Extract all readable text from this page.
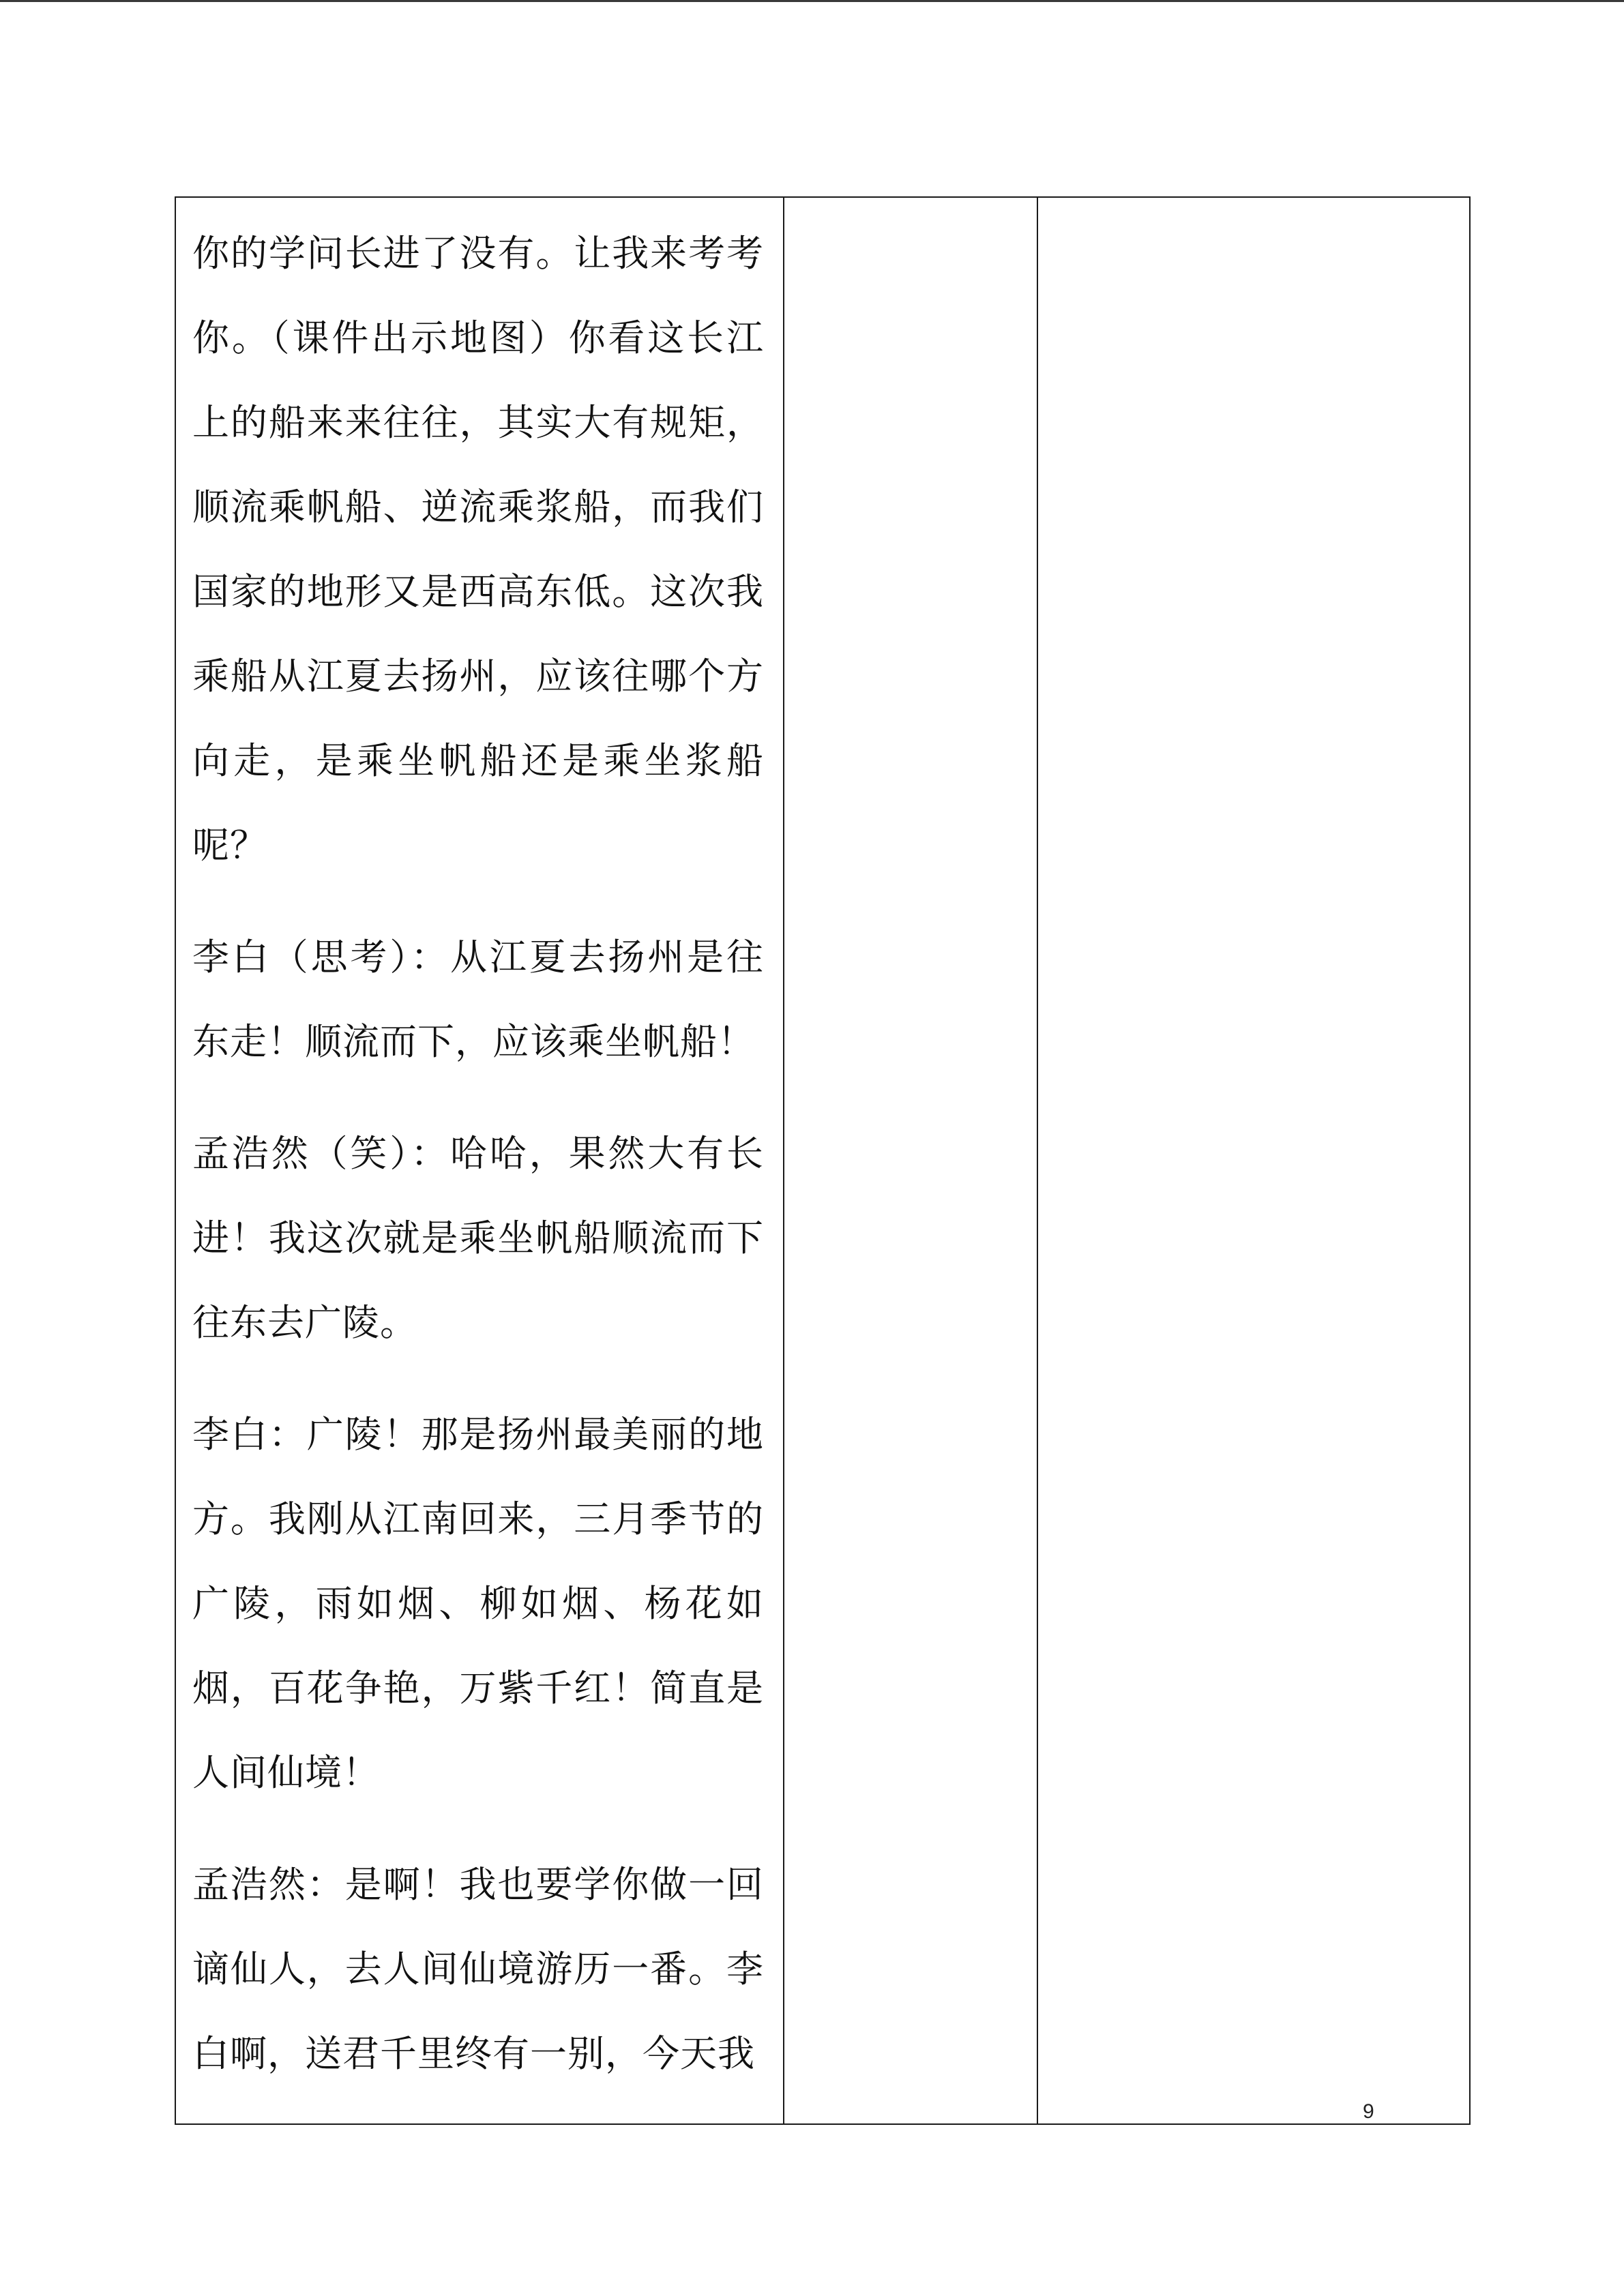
你的学问长进了没有。让我来考考你。（课件出示地图）你看这长江上的船来来往往，其实大有规矩，顺流乘帆船、逆流乘浆船，而我们国家的地形又是西高东低。这次我乘船从江夏去扬州，应该往哪个方向走，是乘坐帆船还是乘坐浆船呢？

李白（思考）：从江夏去扬州是往东走！顺流而下，应该乘坐帆船！

孟浩然（笑）：哈哈，果然大有长进！我这次就是乘坐帆船顺流而下往东去广陵。

李白：广陵！那是扬州最美丽的地方。我刚从江南回来，三月季节的广陵，雨如烟、柳如烟、杨花如烟，百花争艳，万紫千红！简直是人间仙境！

孟浩然：是啊！我也要学你做一回谪仙人，去人间仙境游历一番。李白啊，送君千里终有一别，今天我

9
